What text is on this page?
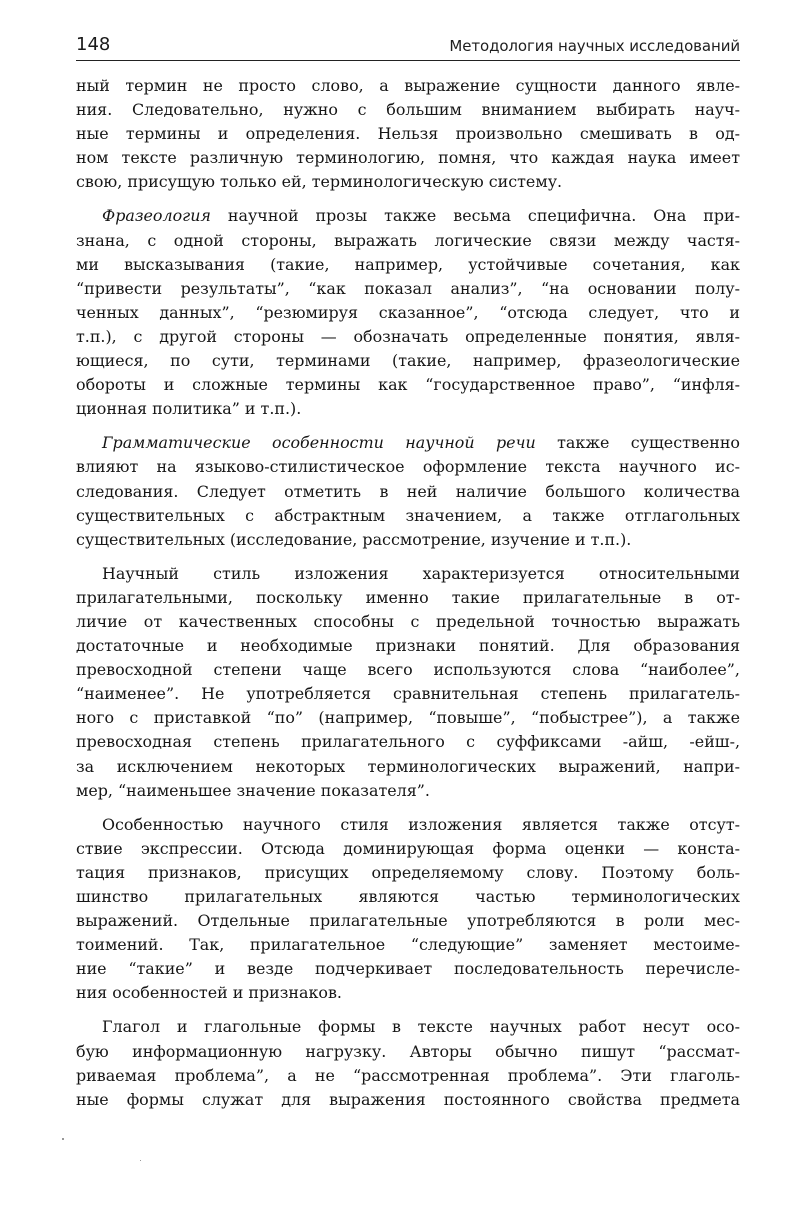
148	Методология научных исследований
ный термин не просто слово, а выражение сущности данного явле-
ния. Следовательно, нужно с большим вниманием выбирать науч-
ные термины и определения. Нельзя произвольно смешивать в од-
ном тексте различную терминологию, помня, что каждая наука имеет
свою, присущую только ей, терминологическую систему.
Фразеология научной прозы также весьма специфична. Она при-
знана, с одной стороны, выражать логические связи между частя-
ми высказывания (такие, например, устойчивые сочетания, как
“привести результаты”, “как показал анализ”, “на основании полу-
ченных данных”, “резюмируя сказанное”, “отсюда следует, что и
т.п.), с другой стороны — обозначать определенные понятия, явля-
ющиеся, по сути, терминами (такие, например, фразеологические
обороты и сложные термины как “государственное право”, “инфля-
ционная политика” и т.п.).
Грамматические особенности научной речи также существенно
влияют на языково-стилистическое оформление текста научного ис-
следования. Следует отметить в ней наличие большого количества
существительных с абстрактным значением, а также отглагольных
существительных (исследование, рассмотрение, изучение и т.п.).
Научный стиль изложения характеризуется относительными
прилагательными, поскольку именно такие прилагательные в от-
личие от качественных способны с предельной точностью выражать
достаточные и необходимые признаки понятий. Для образования
превосходной степени чаще всего используются слова “наиболее”,
“наименее”. Не употребляется сравнительная степень прилагатель-
ного с приставкой “по” (например, “повыше”, “побыстрее”), а также
превосходная степень прилагательного с суффиксами -айш, -ейш-,
за исключением некоторых терминологических выражений, напри-
мер, “наименьшее значение показателя”.
Особенностью научного стиля изложения является также отсут-
ствие экспрессии. Отсюда доминирующая форма оценки — конста-
тация признаков, присущих определяемому слову. Поэтому боль-
шинство прилагательных являются частью терминологических
выражений. Отдельные прилагательные употребляются в роли мес-
тоимений. Так, прилагательное “следующие” заменяет местоиме-
ние “такие” и везде подчеркивает последовательность перечисле-
ния особенностей и признаков.
Глагол и глагольные формы в тексте научных работ несут осо-
бую информационную нагрузку. Авторы обычно пишут “рассмат-
риваемая проблема”, а не “рассмотренная проблема”. Эти глаголь-
ные формы служат для выражения постоянного свойства предмета
